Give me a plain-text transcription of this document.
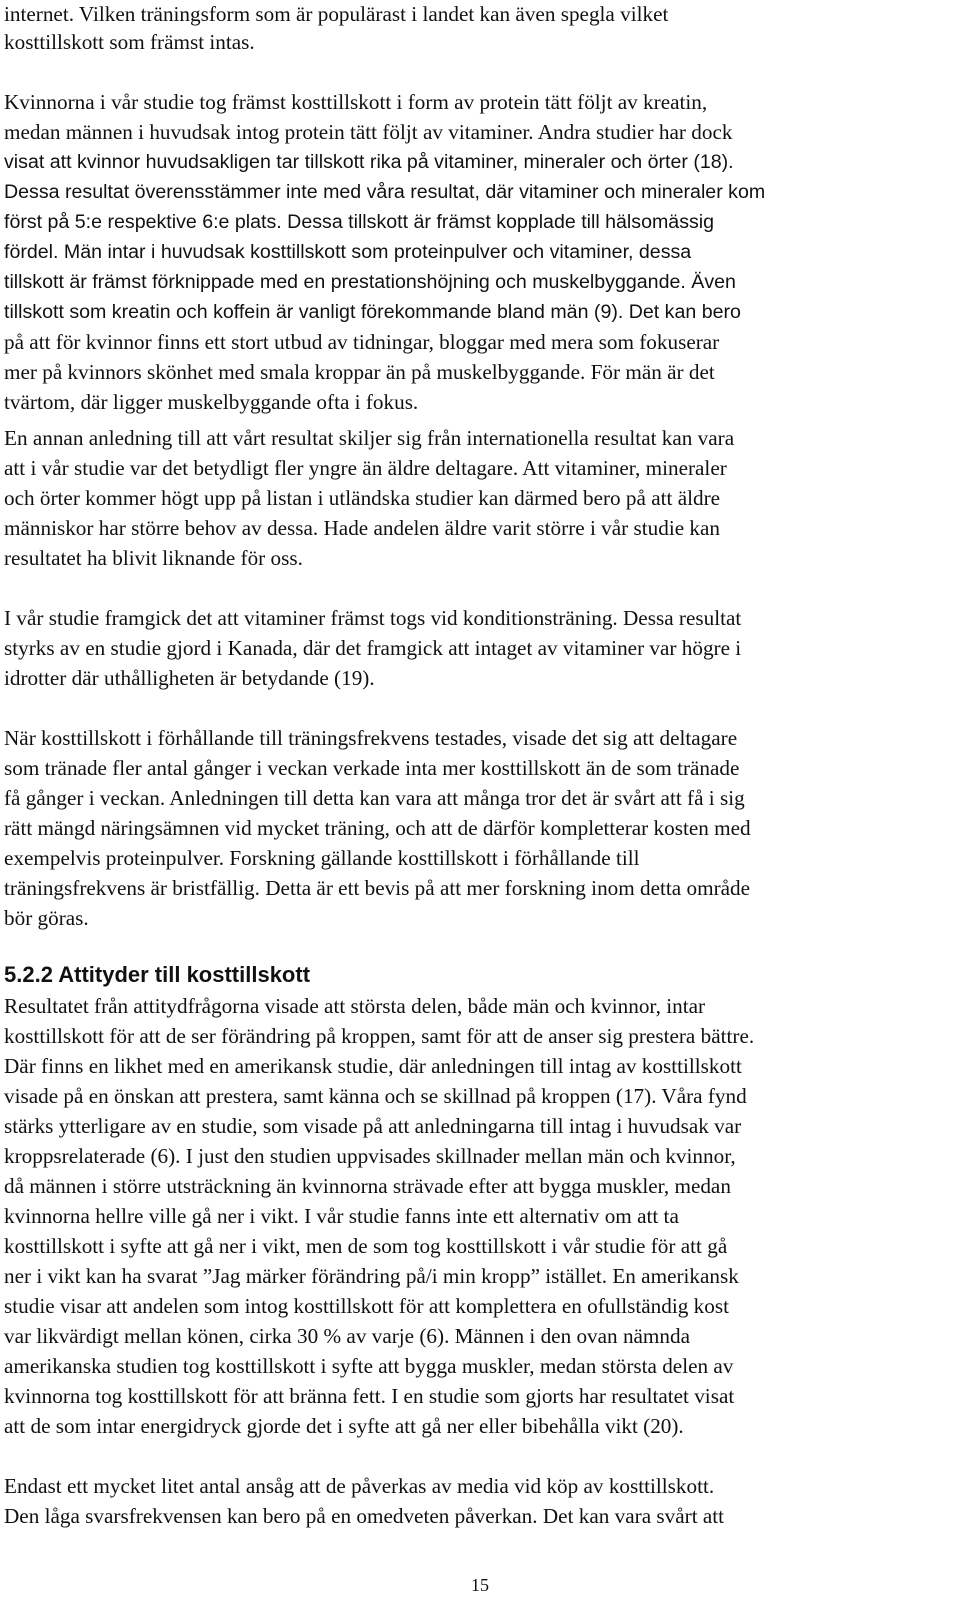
internet. Vilken träningsform som är populärast i landet kan även spegla vilket
kosttillskott som främst intas.
Kvinnorna i vår studie tog främst kosttillskott i form av protein tätt följt av kreatin,
medan männen i huvudsak intog protein tätt följt av vitaminer. Andra studier har dock
visat att kvinnor huvudsakligen tar tillskott rika på vitaminer, mineraler och örter (18).
Dessa resultat överensstämmer inte med våra resultat, där vitaminer och mineraler kom
först på 5:e respektive 6:e plats. Dessa tillskott är främst kopplade till hälsomässig
fördel. Män intar i huvudsak kosttillskott som proteinpulver och vitaminer, dessa
tillskott är främst förknippade med en prestationshöjning och muskelbyggande. Även
tillskott som kreatin och koffein är vanligt förekommande bland män (9). Det kan bero
på att för kvinnor finns ett stort utbud av tidningar, bloggar med mera som fokuserar
mer på kvinnors skönhet med smala kroppar än på muskelbyggande. För män är det
tvärtom, där ligger muskelbyggande ofta i fokus.
En annan anledning till att vårt resultat skiljer sig från internationella resultat kan vara
att i vår studie var det betydligt fler yngre än äldre deltagare. Att vitaminer, mineraler
och örter kommer högt upp på listan i utländska studier kan därmed bero på att äldre
människor har större behov av dessa. Hade andelen äldre varit större i vår studie kan
resultatet ha blivit liknande för oss.
I vår studie framgick det att vitaminer främst togs vid konditionsträning. Dessa resultat
styrks av en studie gjord i Kanada, där det framgick att intaget av vitaminer var högre i
idrotter där uthålligheten är betydande (19).
När kosttillskott i förhållande till träningsfrekvens testades, visade det sig att deltagare
som tränade fler antal gånger i veckan verkade inta mer kosttillskott än de som tränade
få gånger i veckan. Anledningen till detta kan vara att många tror det är svårt att få i sig
rätt mängd näringsämnen vid mycket träning, och att de därför kompletterar kosten med
exempelvis proteinpulver. Forskning gällande kosttillskott i förhållande till
träningsfrekvens är bristfällig. Detta är ett bevis på att mer forskning inom detta område
bör göras.
Resultatet från attitydfrågorna visade att största delen, både män och kvinnor, intar
kosttillskott för att de ser förändring på kroppen, samt för att de anser sig prestera bättre.
Där finns en likhet med en amerikansk studie, där anledningen till intag av kosttillskott
visade på en önskan att prestera, samt känna och se skillnad på kroppen (17). Våra fynd
stärks ytterligare av en studie, som visade på att anledningarna till intag i huvudsak var
kroppsrelaterade (6). I just den studien uppvisades skillnader mellan män och kvinnor,
då männen i större utsträckning än kvinnorna strävade efter att bygga muskler, medan
kvinnorna hellre ville gå ner i vikt. I vår studie fanns inte ett alternativ om att ta
kosttillskott i syfte att gå ner i vikt, men de som tog kosttillskott i vår studie för att gå
ner i vikt kan ha svarat ”Jag märker förändring på/i min kropp” istället. En amerikansk
studie visar att andelen som intog kosttillskott för att komplettera en ofullständig kost
var likvärdigt mellan könen, cirka 30 % av varje (6). Männen i den ovan nämnda
amerikanska studien tog kosttillskott i syfte att bygga muskler, medan största delen av
kvinnorna tog kosttillskott för att bränna fett. I en studie som gjorts har resultatet visat
att de som intar energidryck gjorde det i syfte att gå ner eller bibehålla vikt (20).
Endast ett mycket litet antal ansåg att de påverkas av media vid köp av kosttillskott.
Den låga svarsfrekvensen kan bero på en omedveten påverkan. Det kan vara svårt att
5.2.2 Attityder till kosttillskott
15
